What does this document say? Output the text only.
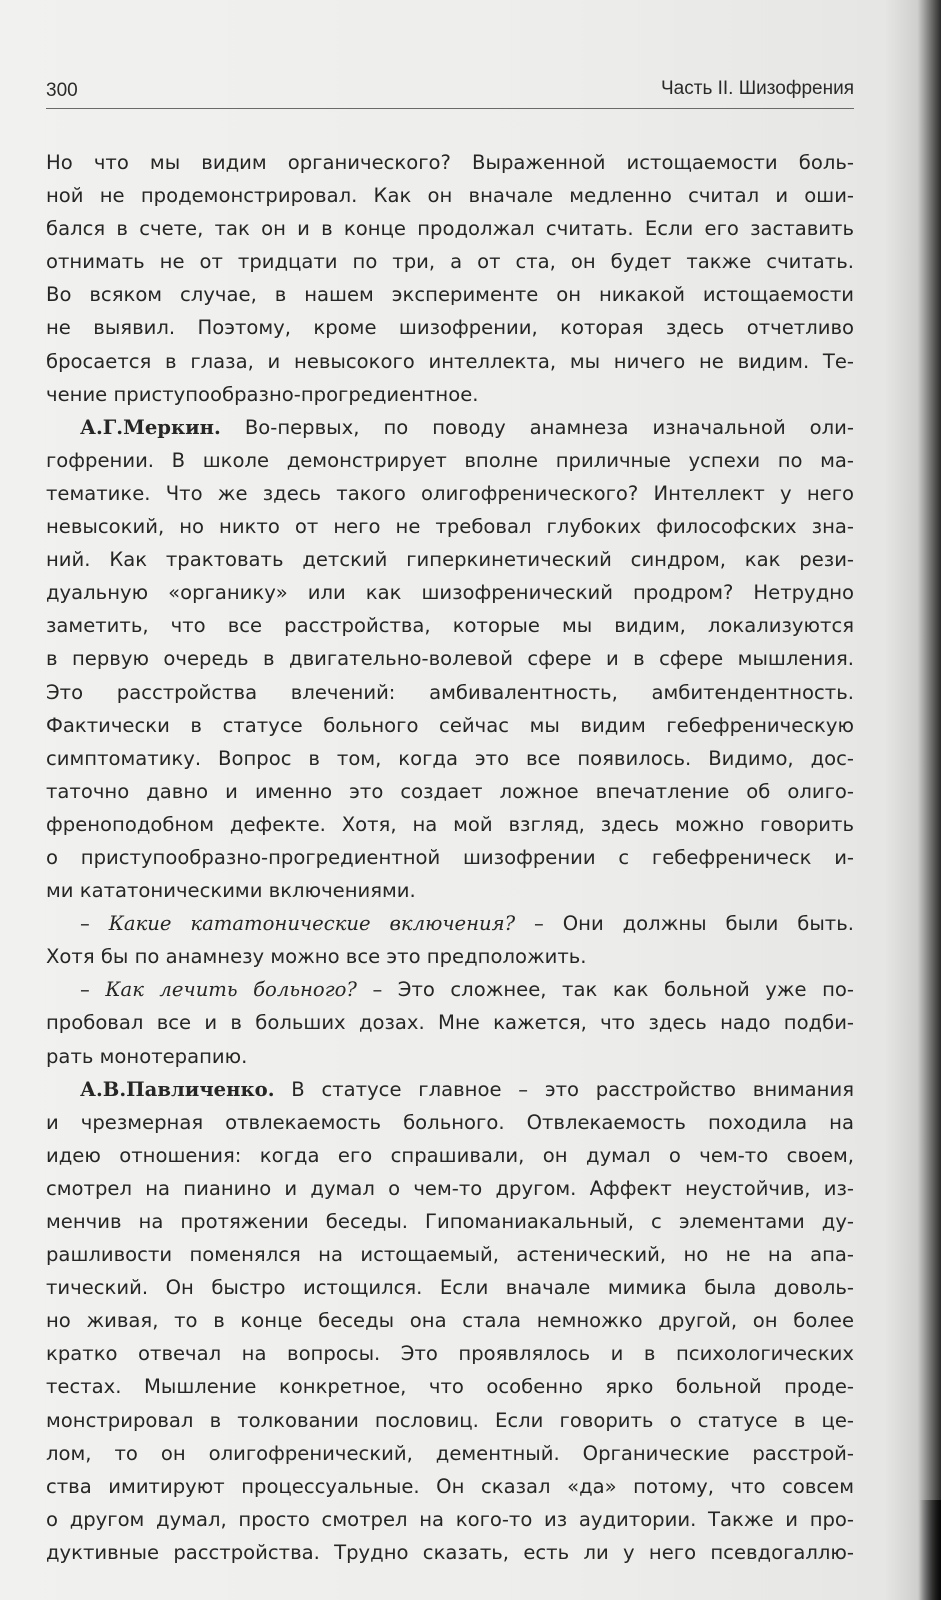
300	Часть II. Шизофрения
Но что мы видим органического? Выраженной истощаемости боль-
ной не продемонстрировал. Как он вначале медленно считал и оши-
бался в счете, так он и в конце продолжал считать. Если его заставить
отнимать не от тридцати по три, а от ста, он будет также считать.
Во всяком случае, в нашем эксперименте он никакой истощаемости
не выявил. Поэтому, кроме шизофрении, которая здесь отчетливо
бросается в глаза, и невысокого интеллекта, мы ничего не видим. Те-
чение приступообразно-прогредиентное.
А.Г.Меркин. Во-первых, по поводу анамнеза изначальной оли-
гофрении. В школе демонстрирует вполне приличные успехи по ма-
тематике. Что же здесь такого олигофренического? Интеллект у него
невысокий, но никто от него не требовал глубоких философских зна-
ний. Как трактовать детский гиперкинетический синдром, как рези-
дуальную «органику» или как шизофренический продром? Нетрудно
заметить, что все расстройства, которые мы видим, локализуются
в первую очередь в двигательно-волевой сфере и в сфере мышления.
Это расстройства влечений: амбивалентность, амбитендентность.
Фактически в статусе больного сейчас мы видим гебефреническую
симптоматику. Вопрос в том, когда это все появилось. Видимо, дос-
таточно давно и именно это создает ложное впечатление об олиго-
френоподобном дефекте. Хотя, на мой взгляд, здесь можно говорить
о приступообразно-прогредиентной шизофрении с гебефреническ и-
ми кататоническими включениями.
– Какие кататонические включения? – Они должны были быть.
Хотя бы по анамнезу можно все это предположить.
– Как лечить больного? – Это сложнее, так как больной уже по-
пробовал все и в больших дозах. Мне кажется, что здесь надо подби-
рать монотерапию.
А.В.Павличенко. В статусе главное – это расстройство внимания
и чрезмерная отвлекаемость больного. Отвлекаемость походила на
идею отношения: когда его спрашивали, он думал о чем-то своем,
смотрел на пианино и думал о чем-то другом. Аффект неустойчив, из-
менчив на протяжении беседы. Гипоманиакальный, с элементами ду-
рашливости поменялся на истощаемый, астенический, но не на апа-
тический. Он быстро истощился. Если вначале мимика была доволь-
но живая, то в конце беседы она стала немножко другой, он более
кратко отвечал на вопросы. Это проявлялось и в психологических
тестах. Мышление конкретное, что особенно ярко больной проде-
монстрировал в толковании пословиц. Если говорить о статусе в це-
лом, то он олигофренический, дементный. Органические расстрой-
ства имитируют процессуальные. Он сказал «да» потому, что совсем
о другом думал, просто смотрел на кого-то из аудитории. Также и про-
дуктивные расстройства. Трудно сказать, есть ли у него псевдогаллю-
